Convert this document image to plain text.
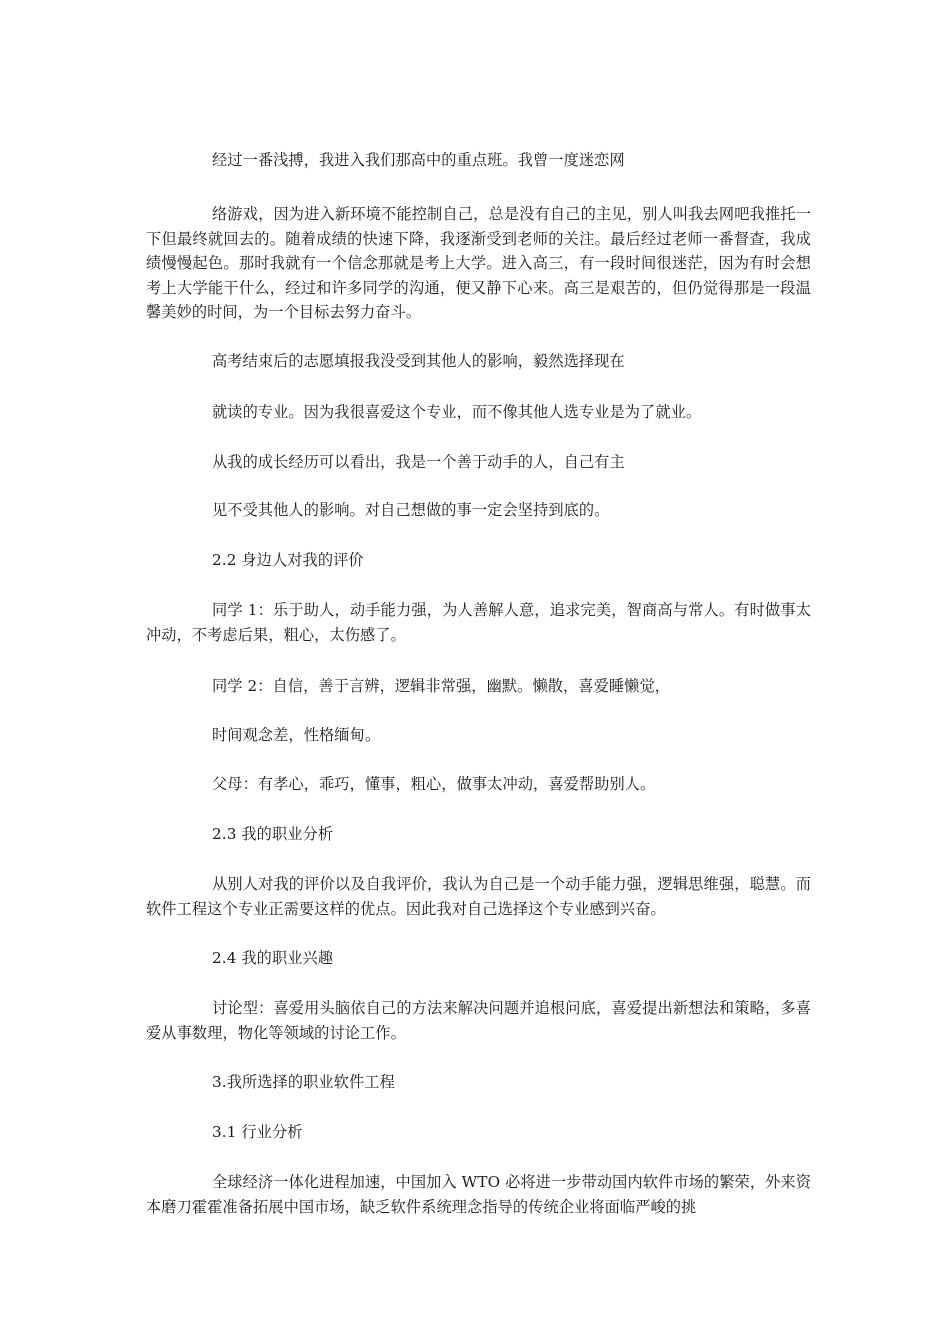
经过一番浅搏，我进入我们那高中的重点班。我曾一度迷恋网

络游戏，因为进入新环境不能控制自己，总是没有自己的主见，别人叫我去网吧我推托一下但最终就回去的。随着成绩的快速下降，我逐渐受到老师的关注。最后经过老师一番督查，我成绩慢慢起色。那时我就有一个信念那就是考上大学。进入高三，有一段时间很迷茫，因为有时会想考上大学能干什么，经过和许多同学的沟通，便又静下心来。高三是艰苦的，但仍觉得那是一段温馨美妙的时间，为一个目标去努力奋斗。

高考结束后的志愿填报我没受到其他人的影响，毅然选择现在

就读的专业。因为我很喜爱这个专业，而不像其他人选专业是为了就业。

从我的成长经历可以看出，我是一个善于动手的人，自己有主

见不受其他人的影响。对自己想做的事一定会坚持到底的。

2.2 身边人对我的评价

同学 1：乐于助人，动手能力强，为人善解人意，追求完美，智商高与常人。有时做事太冲动，不考虑后果，粗心，太伤感了。

同学 2：自信，善于言辨，逻辑非常强，幽默。懒散，喜爱睡懒觉，

时间观念差，性格缅甸。

父母：有孝心，乖巧，懂事，粗心，做事太冲动，喜爱帮助别人。

2.3 我的职业分析

从别人对我的评价以及自我评价，我认为自己是一个动手能力强，逻辑思维强，聪慧。而软件工程这个专业正需要这样的优点。因此我对自己选择这个专业感到兴奋。

2.4 我的职业兴趣

讨论型：喜爱用头脑依自己的方法来解决问题并追根问底，喜爱提出新想法和策略，多喜爱从事数理，物化等领域的讨论工作。

3.我所选择的职业软件工程

3.1 行业分析

全球经济一体化进程加速，中国加入 WTO 必将进一步带动国内软件市场的繁荣，外来资本磨刀霍霍准备拓展中国市场，缺乏软件系统理念指导的传统企业将面临严峻的挑
